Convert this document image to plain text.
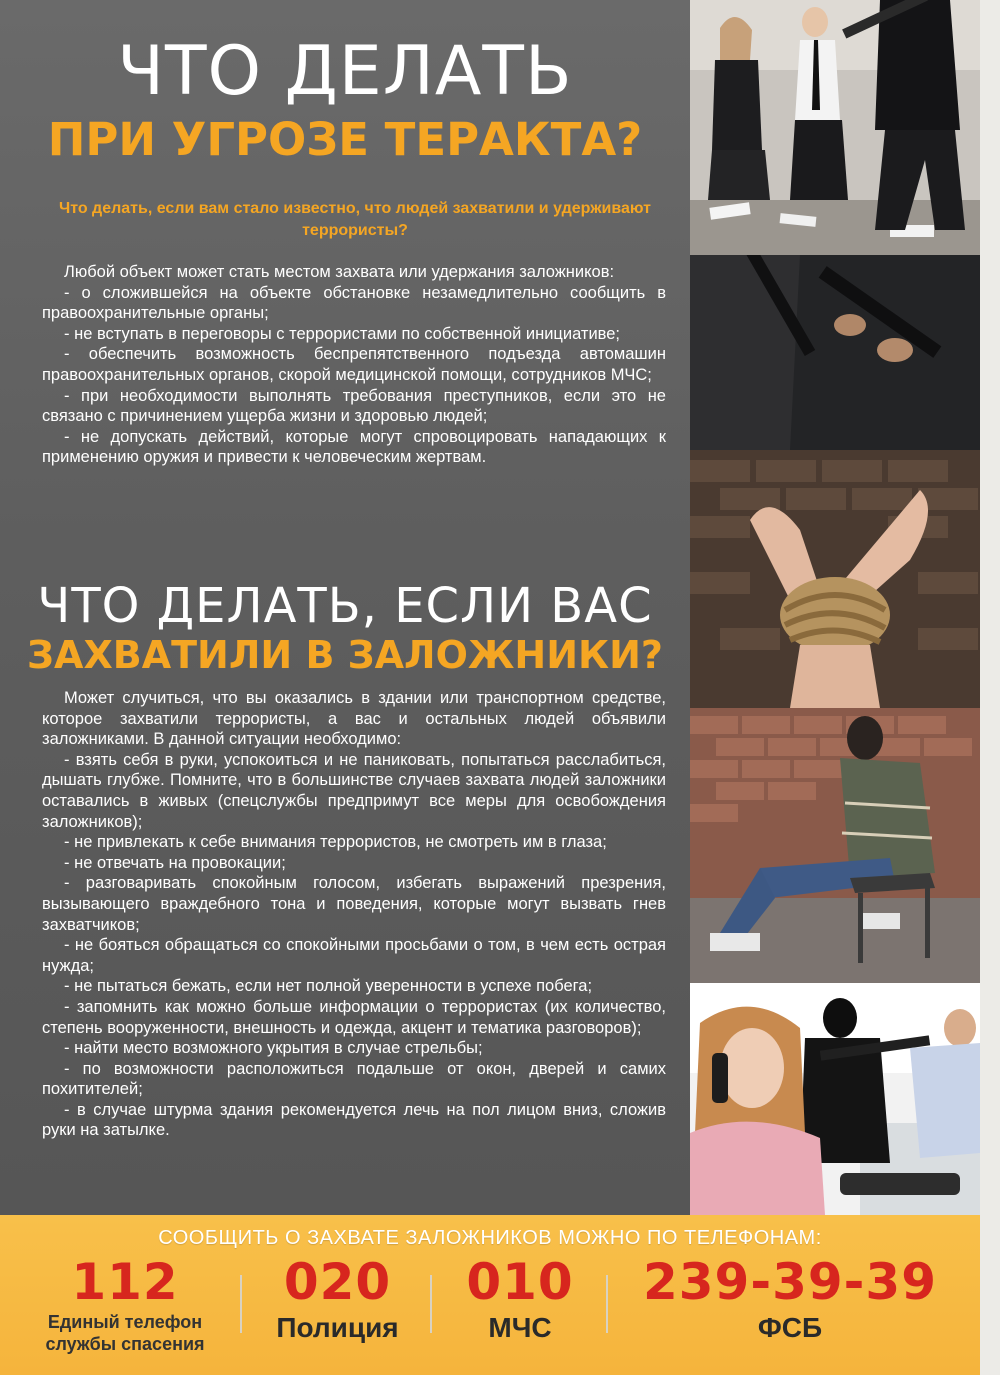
ЧТО ДЕЛАТЬ
ПРИ УГРОЗЕ ТЕРАКТА?

Что делать, если вам стало известно, что людей захватили и удерживают террористы?

Любой объект может стать местом захвата или удержания заложников:

- о сложившейся на объекте обстановке незамедлительно сообщить в правоохранительные органы;

- не вступать в переговоры с террористами по собственной инициативе;

- обеспечить возможность беспрепятственного подъезда автомашин правоохранительных органов, скорой медицинской помощи, сотрудников МЧС;

- при необходимости выполнять требования преступников, если это не связано с причинением ущерба жизни и здоровью людей;

- не допускать действий, которые могут спровоцировать нападающих к применению оружия и привести к человеческим жертвам.

ЧТО ДЕЛАТЬ, ЕСЛИ ВАС
ЗАХВАТИЛИ В ЗАЛОЖНИКИ?

Может случиться, что вы оказались в здании или транспортном средстве, которое захватили террористы, а вас и остальных людей объявили заложниками. В данной ситуации необходимо:

- взять себя в руки, успокоиться и не паниковать, попытаться расслабиться, дышать глубже. Помните, что в большинстве случаев захвата людей заложники оставались в живых (спецслужбы предпримут все меры для освобождения заложников);

- не привлекать к себе внимания террористов, не смотреть им в глаза;

- не отвечать на провокации;

- разговаривать спокойным голосом, избегать выражений презрения, вызывающего враждебного тона и поведения, которые могут вызвать гнев захватчиков;

- не бояться обращаться со спокойными просьбами о том, в чем есть острая нужда;

- не пытаться бежать, если нет полной уверенности в успехе побега;

- запомнить как можно больше информации о террористах (их количество, степень вооруженности, внешность и одежда, акцент и тематика разговоров);

- найти место возможного укрытия в случае стрельбы;

- по возможности расположиться подальше от окон, дверей и самих похитителей;

- в случае штурма здания рекомендуется лечь на пол лицом вниз, сложив руки на затылке.

СООБЩИТЬ О ЗАХВАТЕ ЗАЛОЖНИКОВ МОЖНО ПО ТЕЛЕФОНАМ:

112
Единый телефон
службы спасения
020
Полиция
010
МЧС
239-39-39
ФСБ
